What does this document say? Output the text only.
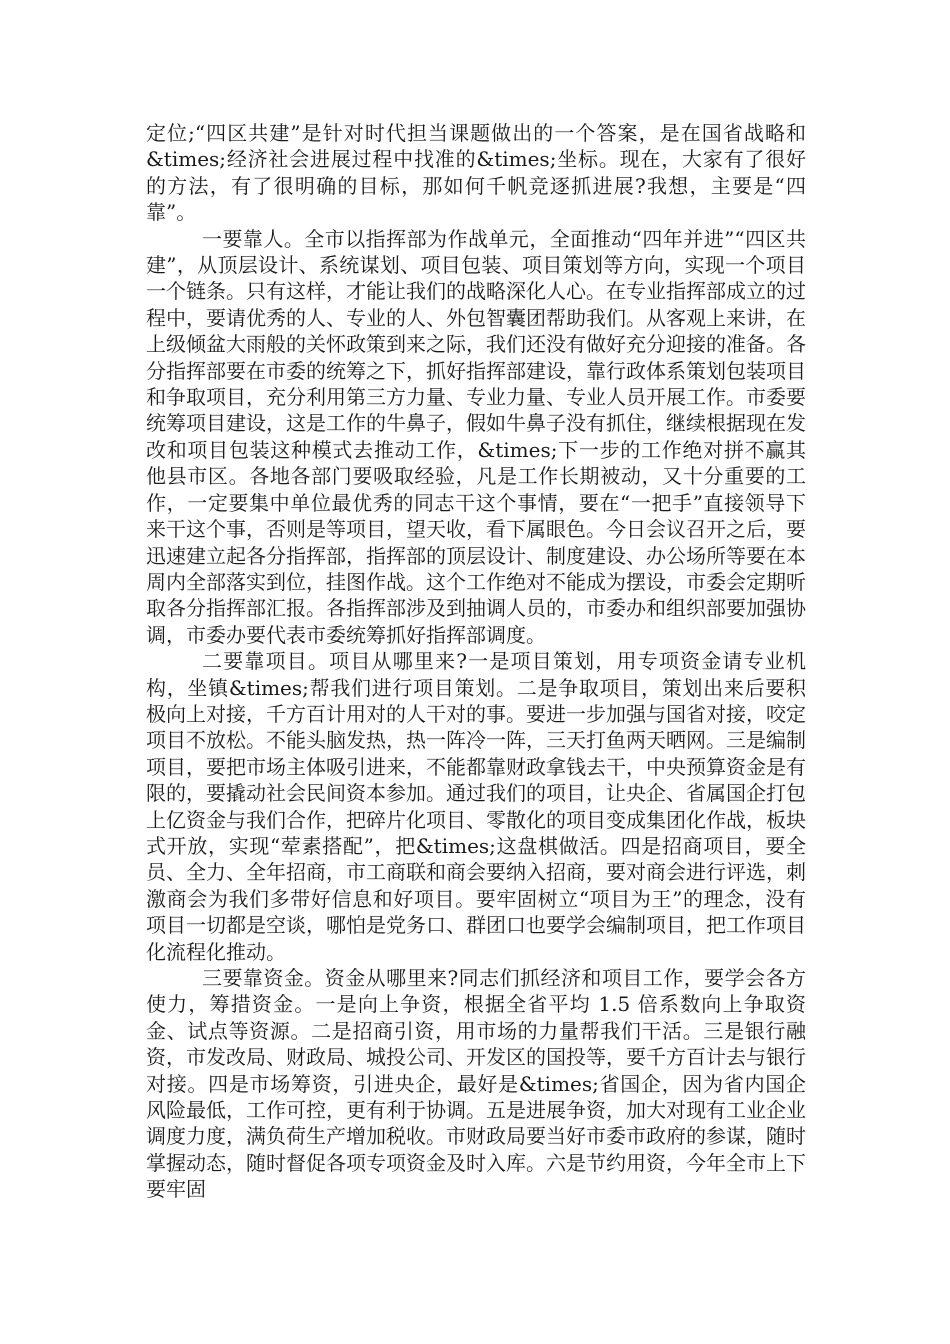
定位;“四区共建”是针对时代担当课题做出的一个答案，是在国省战略和&times;经济社会进展过程中找准的&times;坐标。现在，大家有了很好的方法，有了很明确的目标，那如何千帆竞逐抓进展?我想，主要是“四靠”。

一要靠人。全市以指挥部为作战单元，全面推动“四年并进”“四区共建”，从顶层设计、系统谋划、项目包装、项目策划等方向，实现一个项目一个链条。只有这样，才能让我们的战略深化人心。在专业指挥部成立的过程中，要请优秀的人、专业的人、外包智囊团帮助我们。从客观上来讲，在上级倾盆大雨般的关怀政策到来之际，我们还没有做好充分迎接的准备。各分指挥部要在市委的统筹之下，抓好指挥部建设，靠行政体系策划包装项目和争取项目，充分利用第三方力量、专业力量、专业人员开展工作。市委要统筹项目建设，这是工作的牛鼻子，假如牛鼻子没有抓住，继续根据现在发改和项目包装这种模式去推动工作，&times;下一步的工作绝对拼不赢其他县市区。各地各部门要吸取经验，凡是工作长期被动，又十分重要的工作，一定要集中单位最优秀的同志干这个事情，要在“一把手”直接领导下来干这个事，否则是等项目，望天收，看下属眼色。今日会议召开之后，要迅速建立起各分指挥部，指挥部的顶层设计、制度建设、办公场所等要在本周内全部落实到位，挂图作战。这个工作绝对不能成为摆设，市委会定期听取各分指挥部汇报。各指挥部涉及到抽调人员的，市委办和组织部要加强协调，市委办要代表市委统筹抓好指挥部调度。

二要靠项目。项目从哪里来?一是项目策划，用专项资金请专业机构，坐镇&times;帮我们进行项目策划。二是争取项目，策划出来后要积极向上对接，千方百计用对的人干对的事。要进一步加强与国省对接，咬定项目不放松。不能头脑发热，热一阵冷一阵，三天打鱼两天晒网。三是编制项目，要把市场主体吸引进来，不能都靠财政拿钱去干，中央预算资金是有限的，要撬动社会民间资本参加。通过我们的项目，让央企、省属国企打包上亿资金与我们合作，把碎片化项目、零散化的项目变成集团化作战，板块式开放，实现“荤素搭配”，把&times;这盘棋做活。四是招商项目，要全员、全力、全年招商，市工商联和商会要纳入招商，要对商会进行评选，刺激商会为我们多带好信息和好项目。要牢固树立“项目为王”的理念，没有项目一切都是空谈，哪怕是党务口、群团口也要学会编制项目，把工作项目化流程化推动。

三要靠资金。资金从哪里来?同志们抓经济和项目工作，要学会各方使力，筹措资金。一是向上争资，根据全省平均 1.5 倍系数向上争取资金、试点等资源。二是招商引资，用市场的力量帮我们干活。三是银行融资，市发改局、财政局、城投公司、开发区的国投等，要千方百计去与银行对接。四是市场筹资，引进央企，最好是&times;省国企，因为省内国企风险最低，工作可控，更有利于协调。五是进展争资，加大对现有工业企业调度力度，满负荷生产增加税收。市财政局要当好市委市政府的参谋，随时掌握动态，随时督促各项专项资金及时入库。六是节约用资，今年全市上下要牢固
